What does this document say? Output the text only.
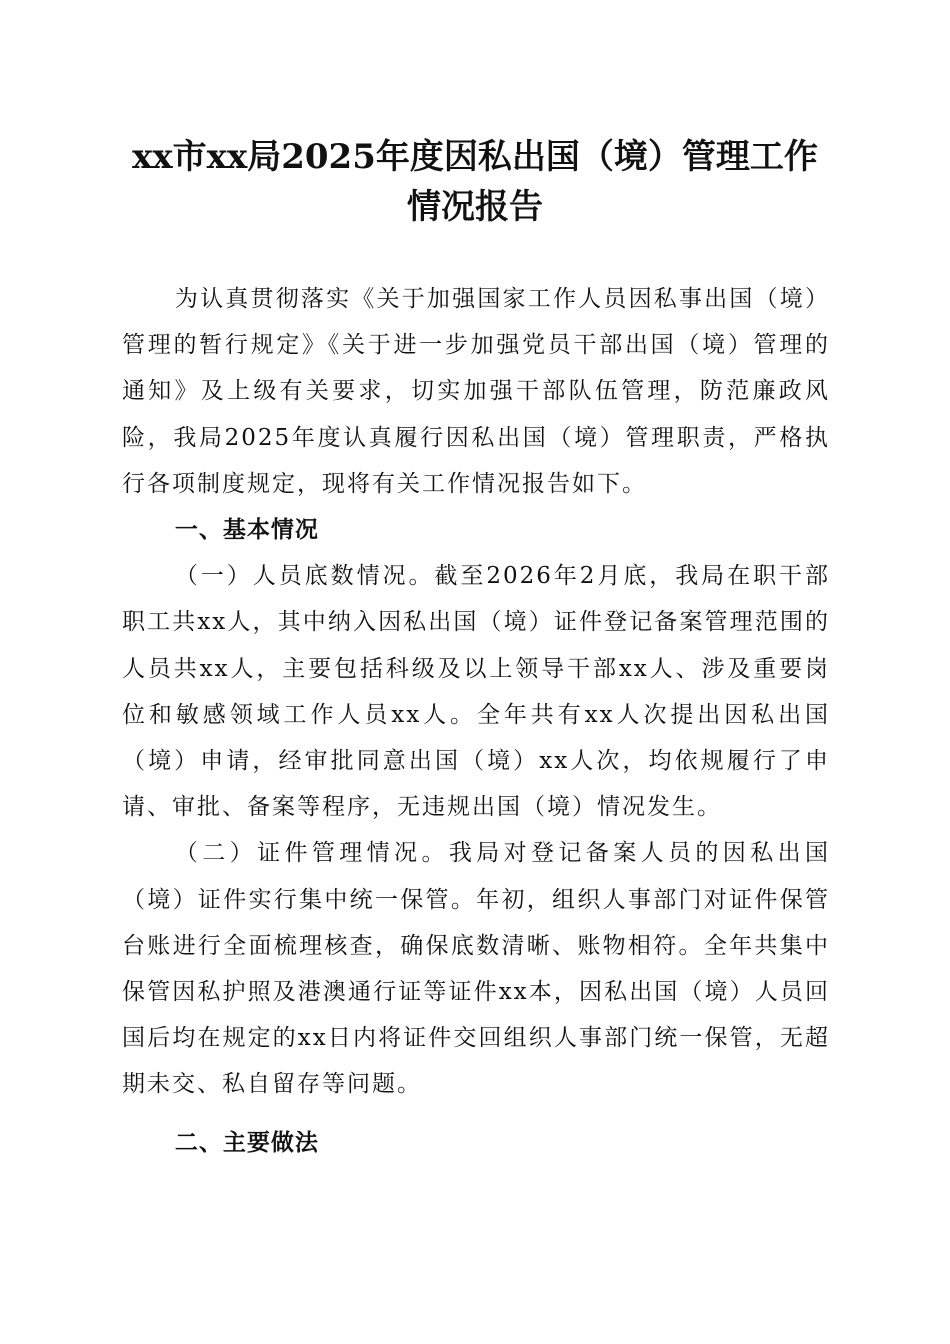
xx市xx局2025年度因私出国（境）管理工作
情况报告

为认真贯彻落实《关于加强国家工作人员因私事出国（境）管理的暂行规定》《关于进一步加强党员干部出国（境）管理的通知》及上级有关要求，切实加强干部队伍管理，防范廉政风险，我局2025年度认真履行因私出国（境）管理职责，严格执行各项制度规定，现将有关工作情况报告如下。

一、基本情况

（一）人员底数情况。截至2026年2月底，我局在职干部职工共xx人，其中纳入因私出国（境）证件登记备案管理范围的人员共xx人，主要包括科级及以上领导干部xx人、涉及重要岗位和敏感领域工作人员xx人。全年共有xx人次提出因私出国（境）申请，经审批同意出国（境）xx人次，均依规履行了申请、审批、备案等程序，无违规出国（境）情况发生。

（二）证件管理情况。我局对登记备案人员的因私出国（境）证件实行集中统一保管。年初，组织人事部门对证件保管台账进行全面梳理核查，确保底数清晰、账物相符。全年共集中保管因私护照及港澳通行证等证件xx本，因私出国（境）人员回国后均在规定的xx日内将证件交回组织人事部门统一保管，无超期未交、私自留存等问题。

二、主要做法
